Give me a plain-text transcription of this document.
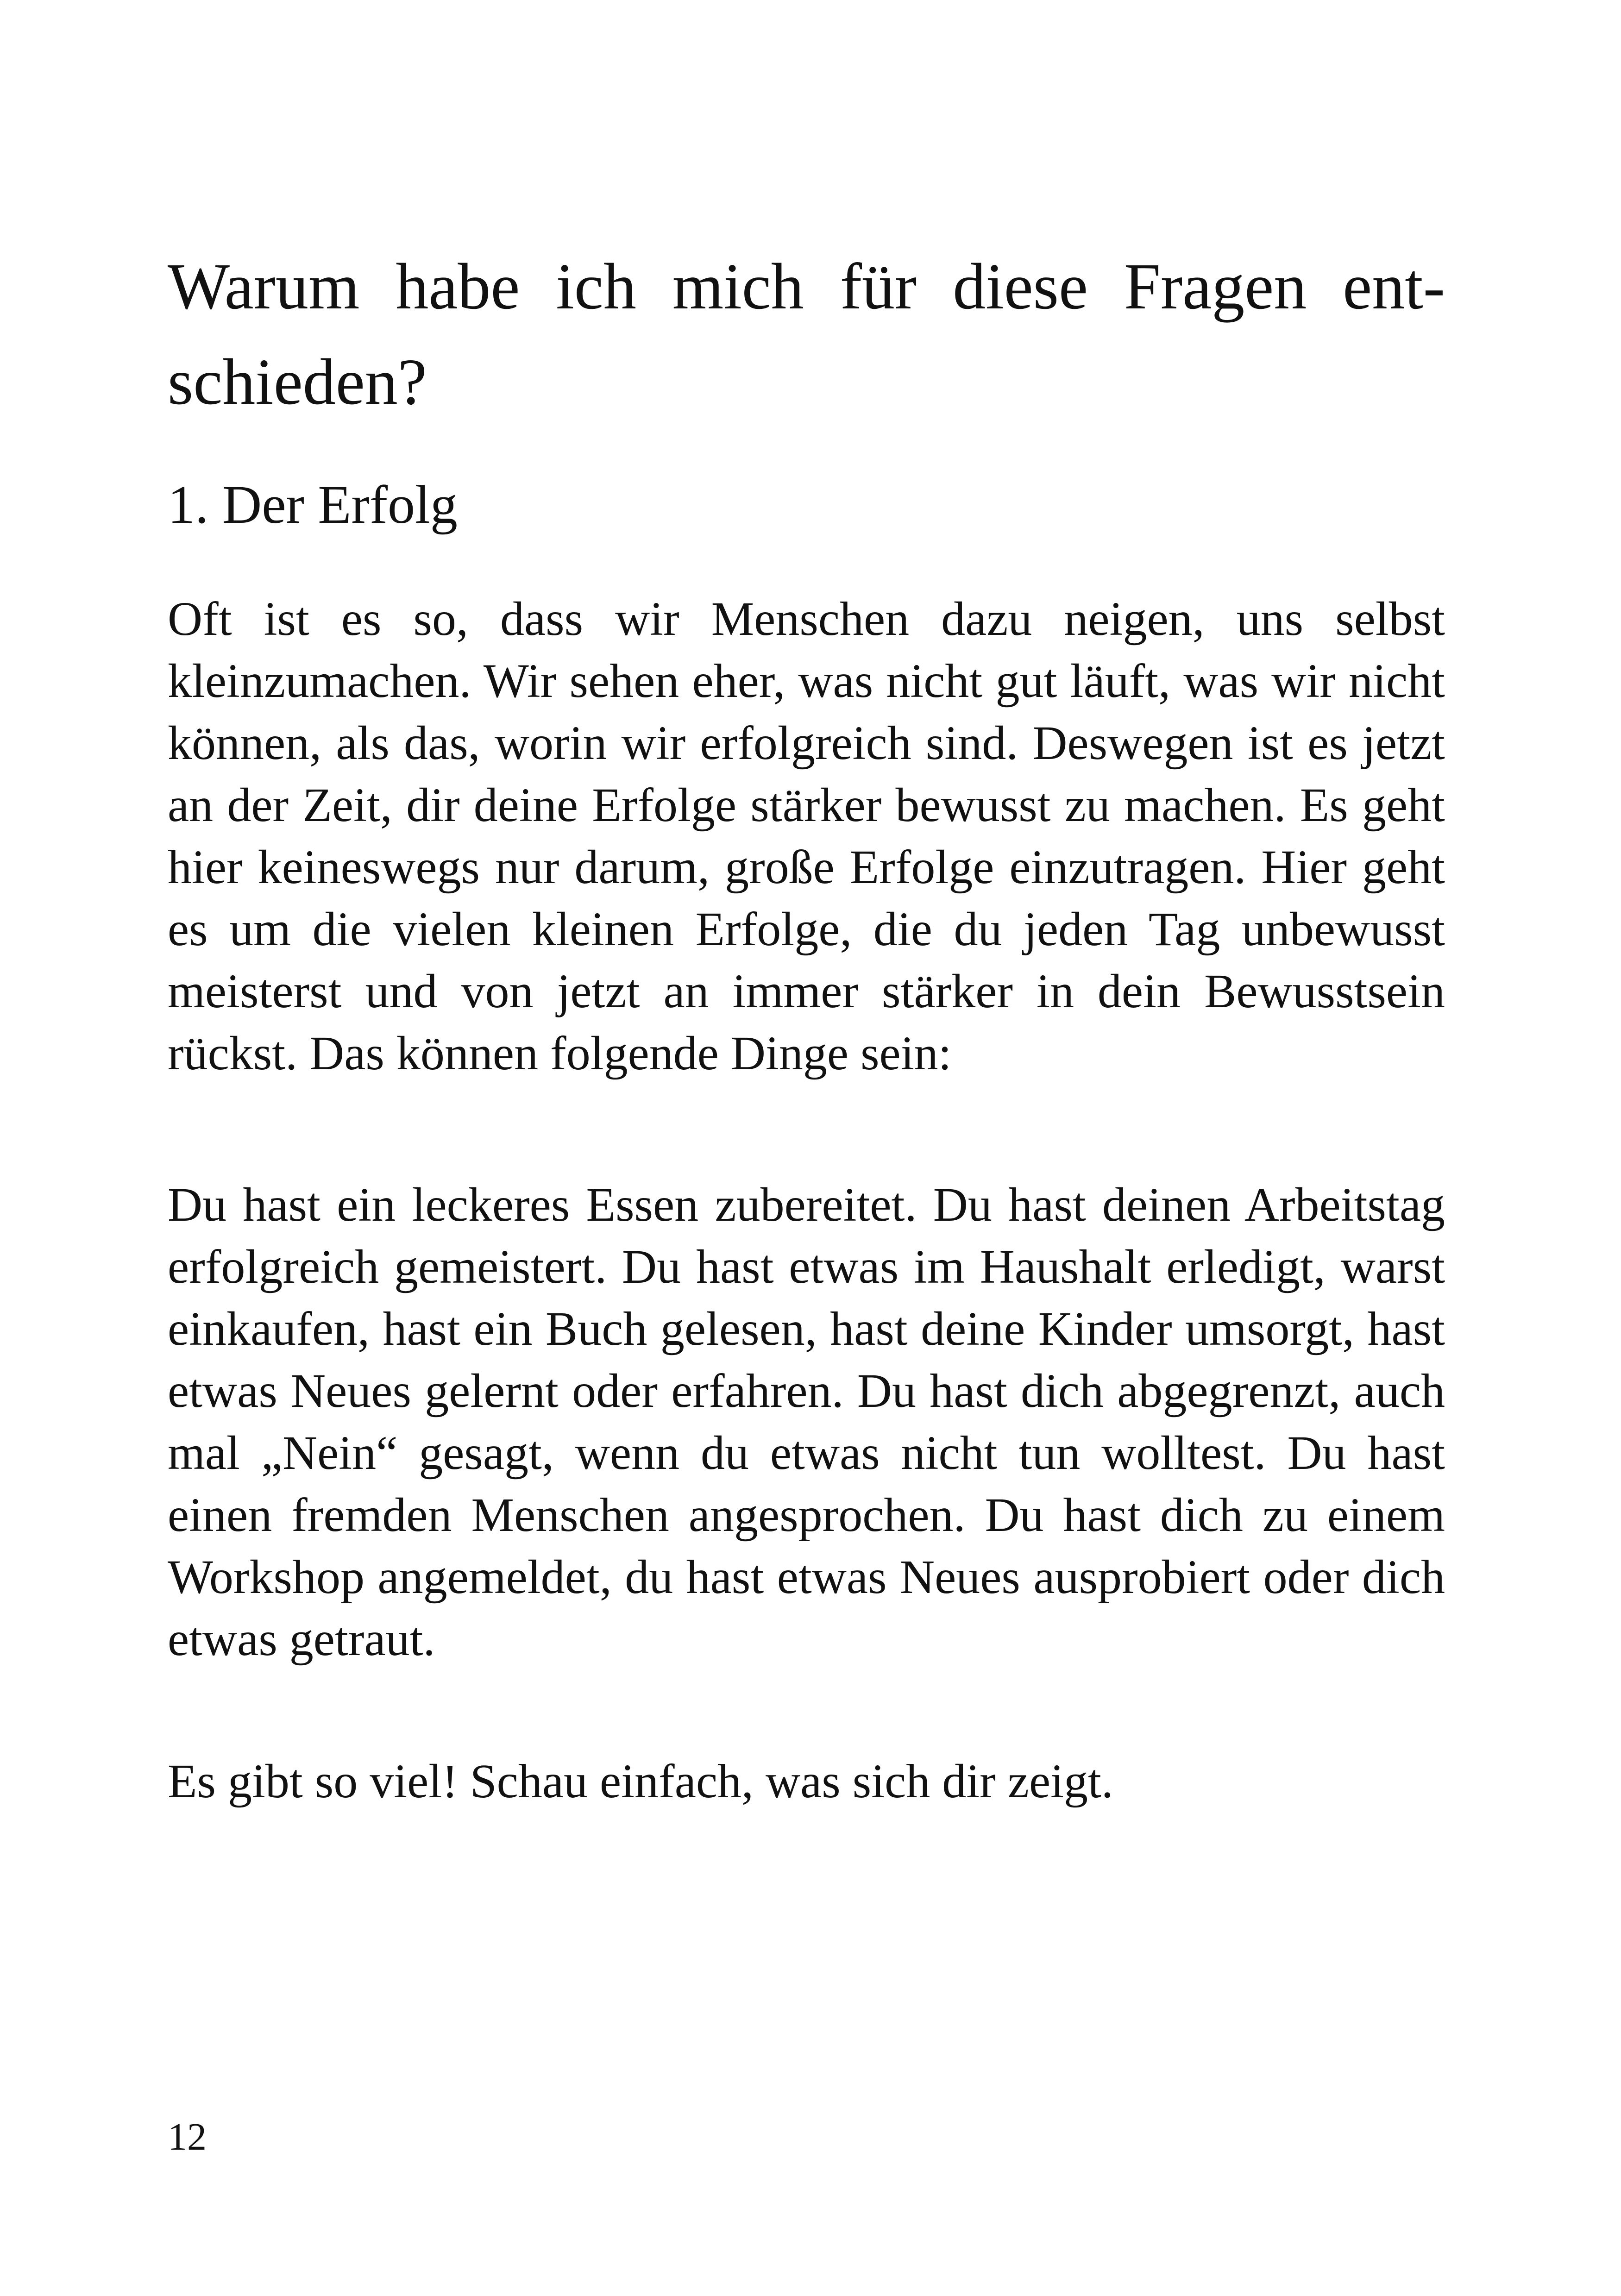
Warum habe ich mich für diese Fragen entschieden?
1. Der Erfolg

Oft ist es so, dass wir Menschen dazu neigen, uns selbst kleinzumachen. Wir sehen eher, was nicht gut läuft, was wir nicht können, als das, worin wir erfolgreich sind. Deswegen ist es jetzt an der Zeit, dir deine Erfolge stärker bewusst zu machen. Es geht hier keineswegs nur darum, große Erfolge einzutragen. Hier geht es um die vielen kleinen Erfolge, die du jeden Tag unbewusst meisterst und von jetzt an immer stärker in dein Bewusstsein rückst. Das können folgende Dinge sein:

Du hast ein leckeres Essen zubereitet. Du hast deinen Arbeitstag erfolgreich gemeistert. Du hast etwas im Haushalt erledigt, warst einkaufen, hast ein Buch gelesen, hast deine Kinder umsorgt, hast etwas Neues gelernt oder erfahren. Du hast dich abgegrenzt, auch mal „Nein“ gesagt, wenn du etwas nicht tun wolltest. Du hast einen fremden Menschen angesprochen. Du hast dich zu einem Workshop angemeldet, du hast etwas Neues ausprobiert oder dich etwas getraut.

Es gibt so viel! Schau einfach, was sich dir zeigt.

12
